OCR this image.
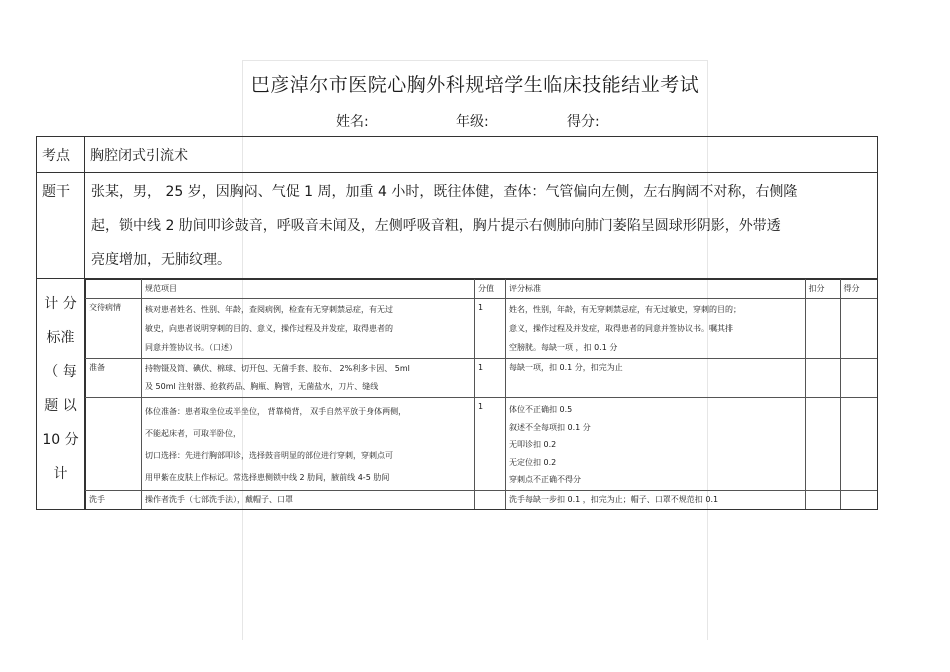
巴彦淖尔市医院心胸外科规培学生临床技能结业考试
姓名:	年级:	得分:
考点	胸腔闭式引流术
题干	张某，男， 25 岁，因胸闷、气促 1 周，加重 4 小时，既往体健，查体：气管偏向左侧，左右胸阔不对称，右侧隆
起，锁中线 2 肋间叩诊鼓音，呼吸音未闻及，左侧呼吸音粗，胸片提示右侧肺向肺门萎陷呈圆球形阴影，外带透
亮度增加，无肺纹理。

计 分
标准
（ 每
题 以
10 分
计

	规范项目	分值	评分标准	扣分	得分
交待病情	核对患者姓名、性别、年龄，查阅病例，检查有无穿刺禁忌症，有无过
敏史，向患者说明穿刺的目的、意义，操作过程及并发症，取得患者的
同意并签协议书。（口述）
	1	姓名，性别，年龄，有无穿刺禁忌症，有无过敏史，穿刺的目的；
意义，操作过程及并发症，取得患者的同意并签协议书。嘱其排
空膀胱。每缺一项 ，扣 0.1 分

准备	持物镊及筒、碘伏、棉球、切开包、无菌手套、胶布、 2%利多卡因、 5ml
及 50ml 注射器、抢救药品、胸瓶、胸管，无菌盐水，刀片、缝线
	1	每缺一项，扣 0.1 分，扣完为止

体位准备：患者取坐位或半坐位， 背靠椅背， 双手自然平放于身体两侧，
不能起床者，可取半卧位，
切口选择：先进行胸部叩诊，选择鼓音明显的部位进行穿刺，穿刺点可
用甲紫在皮肤上作标记。常选择患侧锁中线 2 肋间，腋前线 4-5 肋间
	1	体位不正确扣 0.5
叙述不全每项扣 0.1 分
无叩诊扣 0.2
无定位扣 0.2
穿刺点不正确不得分

洗手	操作者洗手（七部洗手法），戴帽子、口罩		洗手每缺一步扣 0.1 ，扣完为止；帽子、口罩不规范扣 0.1
